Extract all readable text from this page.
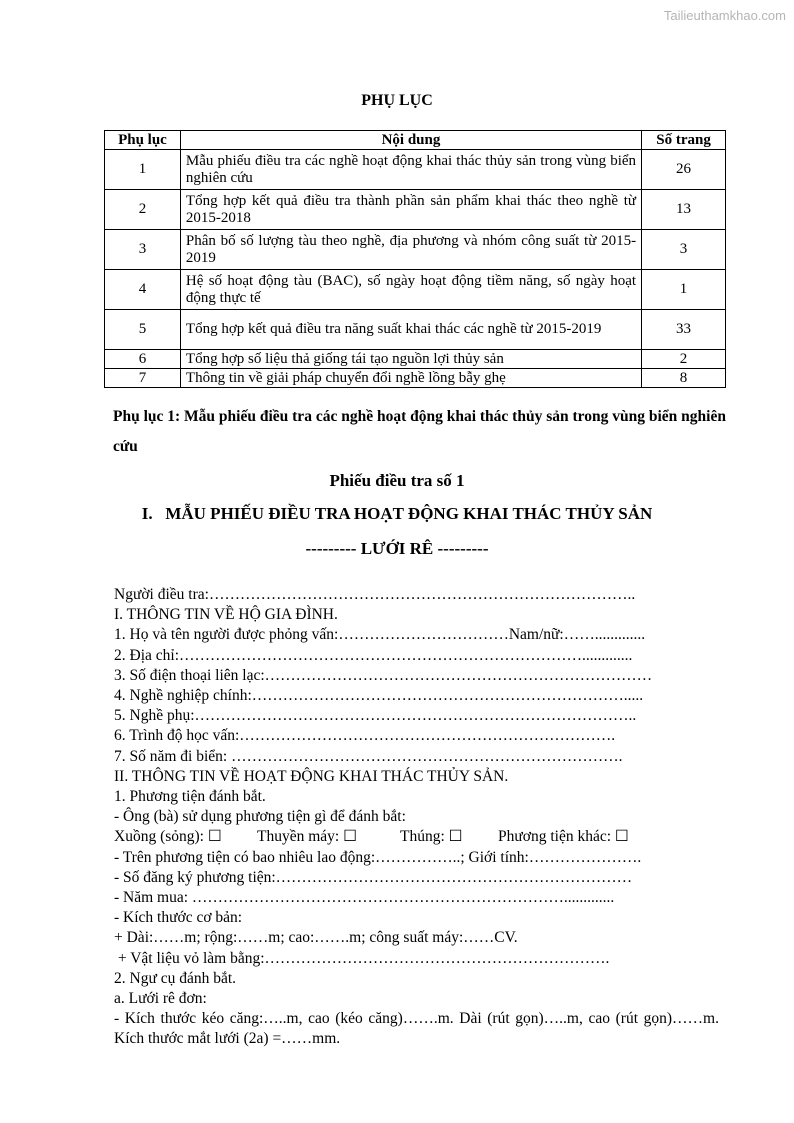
Tailieuthamkhao.com
PHỤ LỤC
Phụ lục	Nội dung	Số trang
1	Mẫu phiếu điều tra các nghề hoạt động khai thác thủy sản trong vùng biển nghiên cứu	26
2	Tổng hợp kết quả điều tra thành phần sản phẩm khai thác theo nghề từ 2015-2018	13
3	Phân bố số lượng tàu theo nghề, địa phương và nhóm công suất từ 2015-2019	3
4	Hệ số hoạt động tàu (BAC), số ngày hoạt động tiềm năng, số ngày hoạt động thực tế	1
5	Tổng hợp kết quả điều tra năng suất khai thác các nghề từ 2015-2019	33
6	Tổng hợp số liệu thả giống tái tạo nguồn lợi thủy sản	2
7	Thông tin về giải pháp chuyển đổi nghề lồng bẫy ghẹ	8
Phụ lục 1: Mẫu phiếu điều tra các nghề hoạt động khai thác thủy sản trong vùng biển nghiên cứu
Phiếu điều tra số 1
I.   MẪU PHIẾU ĐIỀU TRA HOẠT ĐỘNG KHAI THÁC THỦY SẢN
--------- LƯỚI RÊ ---------
Người điều tra:………………………………………………………………………..
I. THÔNG TIN VỀ HỘ GIA ĐÌNH.
1. Họ và tên người được phỏng vấn:……………………………Nam/nữ:…….............
2. Địa chỉ:…………………………………………………………………….............
3. Số điện thoại liên lạc:…………………………………………………………………
4. Nghề nghiệp chính:……………………………………………………………….....
5. Nghề phụ:…………………………………………………………………………..
6. Trình độ học vấn:……………………………………………………………….
7. Số năm đi biển: ………………………………………………………………….
II. THÔNG TIN VỀ HOẠT ĐỘNG KHAI THÁC THỦY SẢN.
1. Phương tiện đánh bắt.
- Ông (bà) sử dụng phương tiện gì để đánh bắt:
Xuồng (sỏng): ☐ Thuyền máy: ☐	Thúng: ☐ Phương tiện khác: ☐
- Trên phương tiện có bao nhiêu lao động:……………..; Giới tính:………………….
- Số đăng ký phương tiện:……………………………………………………………
- Năm mua: ……………………………………………………………….............
- Kích thước cơ bản:
+ Dài:……m; rộng:……m; cao:…….m; công suất máy:……CV.
+ Vật liệu vỏ làm bằng:………………………………………………………….
2. Ngư cụ đánh bắt.
a. Lưới rê đơn:
- Kích thước kéo căng:…..m, cao (kéo căng)…….m. Dài (rút gọn)…..m, cao (rút gọn)……m. Kích thước mắt lưới (2a) =……mm.
